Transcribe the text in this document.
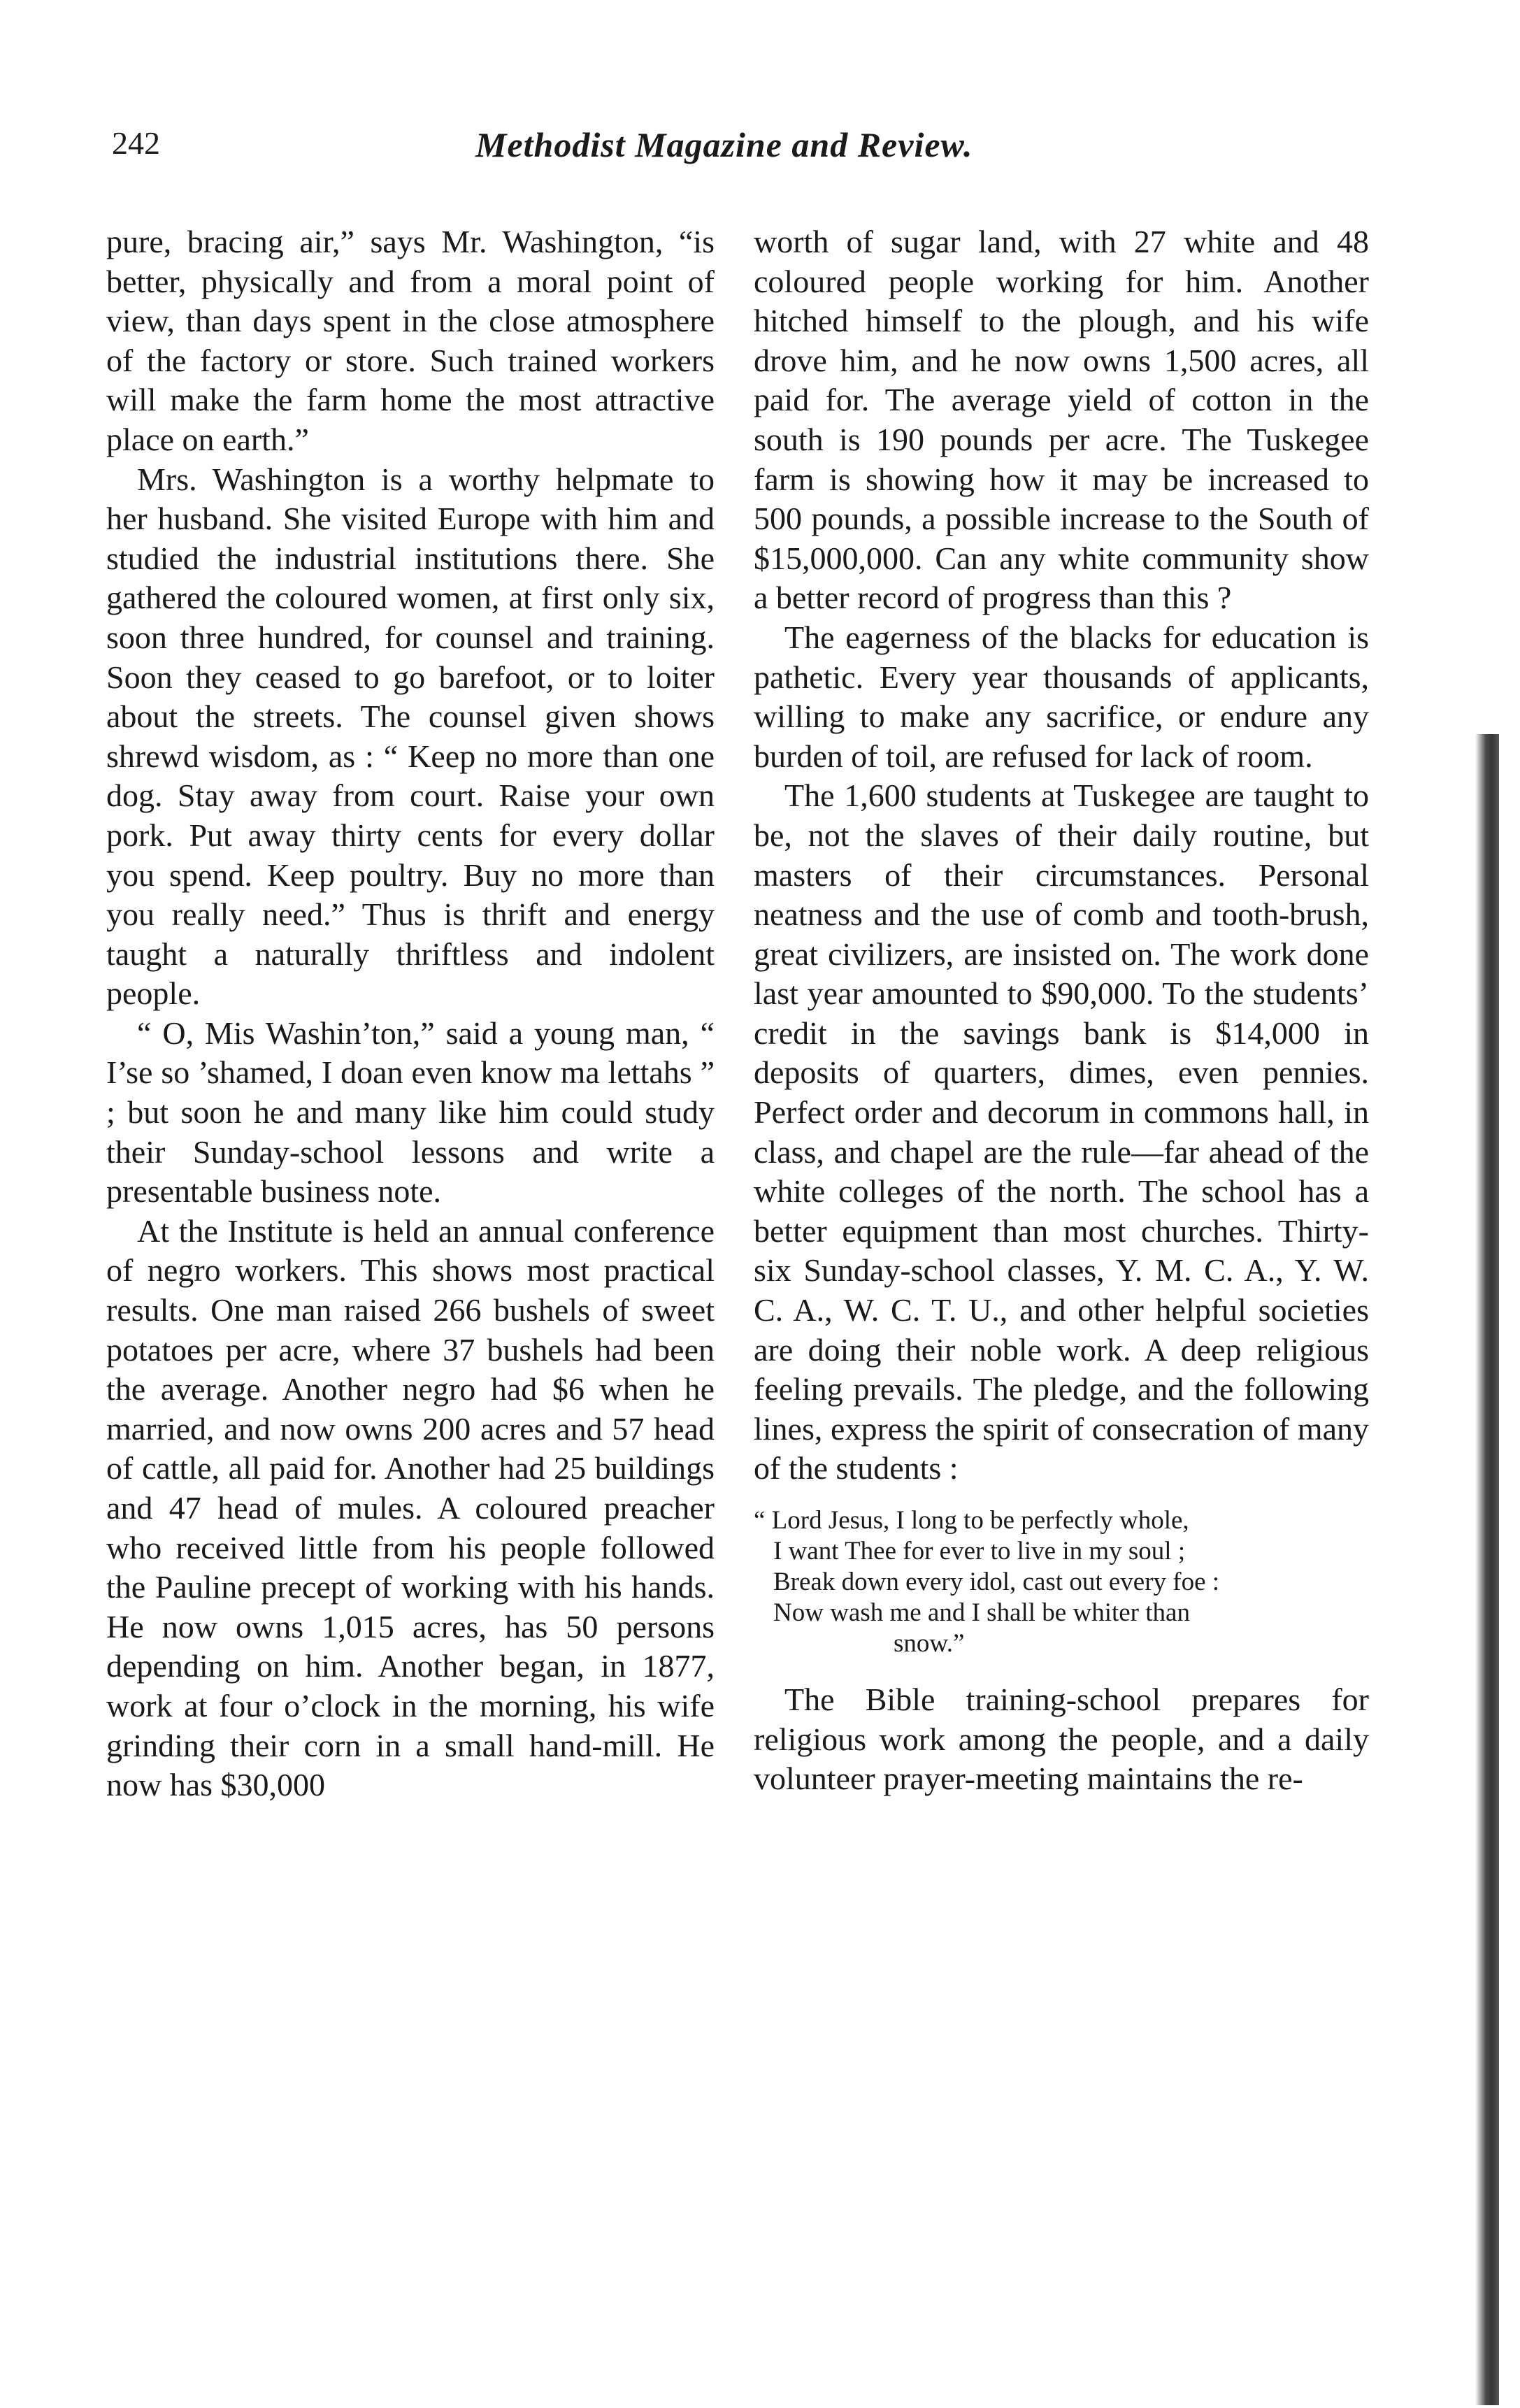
242	Methodist Magazine and Review.

pure, bracing air,” says Mr. Washington, “is better, physically and from a moral point of view, than days spent in the close atmosphere of the factory or store. Such trained workers will make the farm home the most attractive place on earth.”

Mrs. Washington is a worthy helpmate to her husband. She visited Europe with him and studied the industrial institutions there. She gathered the coloured women, at first only six, soon three hundred, for counsel and training. Soon they ceased to go barefoot, or to loiter about the streets. The counsel given shows shrewd wisdom, as : “ Keep no more than one dog. Stay away from court. Raise your own pork. Put away thirty cents for every dollar you spend. Keep poultry. Buy no more than you really need.” Thus is thrift and energy taught a naturally thriftless and indolent people.

“ O, Mis Washin’ton,” said a young man, “ I’se so ’shamed, I doan even know ma lettahs ” ; but soon he and many like him could study their Sunday-school lessons and write a presentable business note.

At the Institute is held an annual conference of negro workers. This shows most practical results. One man raised 266 bushels of sweet potatoes per acre, where 37 bushels had been the average. Another negro had $6 when he married, and now owns 200 acres and 57 head of cattle, all paid for. Another had 25 buildings and 47 head of mules. A coloured preacher who received little from his people followed the Pauline precept of working with his hands. He now owns 1,015 acres, has 50 persons depending on him. Another began, in 1877, work at four o’clock in the morning, his wife grinding their corn in a small hand-mill. He now has $30,000

worth of sugar land, with 27 white and 48 coloured people working for him. Another hitched himself to the plough, and his wife drove him, and he now owns 1,500 acres, all paid for. The average yield of cotton in the south is 190 pounds per acre. The Tuskegee farm is showing how it may be increased to 500 pounds, a possible increase to the South of $15,000,000. Can any white community show a better record of progress than this ?

The eagerness of the blacks for education is pathetic. Every year thousands of applicants, willing to make any sacrifice, or endure any burden of toil, are refused for lack of room.

The 1,600 students at Tuskegee are taught to be, not the slaves of their daily routine, but masters of their circumstances. Personal neatness and the use of comb and tooth-brush, great civilizers, are insisted on. The work done last year amounted to $90,000. To the students’ credit in the savings bank is $14,000 in deposits of quarters, dimes, even pennies. Perfect order and decorum in commons hall, in class, and chapel are the rule—far ahead of the white colleges of the north. The school has a better equipment than most churches. Thirty-six Sunday-school classes, Y. M. C. A., Y. W. C. A., W. C. T. U., and other helpful societies are doing their noble work. A deep religious feeling prevails. The pledge, and the following lines, express the spirit of consecration of many of the students :

“ Lord Jesus, I long to be perfectly whole,
I want Thee for ever to live in my soul ;
Break down every idol, cast out every foe :
Now wash me and I shall be whiter than
snow.”

The Bible training-school prepares for religious work among the people, and a daily volunteer prayer-meeting maintains the re-
